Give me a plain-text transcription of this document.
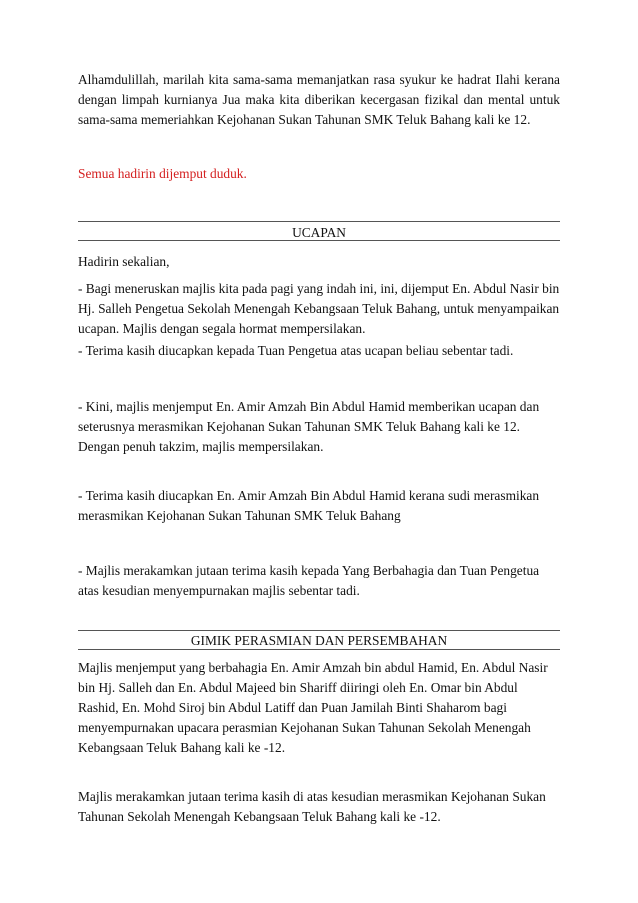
Alhamdulillah, marilah kita sama-sama memanjatkan rasa syukur ke hadrat Ilahi kerana dengan limpah kurnianya Jua maka kita diberikan kecergasan fizikal dan mental untuk sama-sama memeriahkan Kejohanan Sukan Tahunan SMK Teluk Bahang kali ke 12.

Semua hadirin dijemput duduk.

UCAPAN

Hadirin sekalian,

- Bagi meneruskan majlis kita pada pagi yang indah ini, ini, dijemput En. Abdul Nasir bin Hj. Salleh Pengetua Sekolah Menengah Kebangsaan Teluk Bahang, untuk menyampaikan ucapan. Majlis dengan segala hormat mempersilakan.

- Terima kasih diucapkan kepada Tuan Pengetua atas ucapan beliau sebentar tadi.

- Kini, majlis menjemput En. Amir Amzah Bin Abdul Hamid memberikan ucapan dan seterusnya merasmikan Kejohanan Sukan Tahunan SMK Teluk Bahang kali ke 12. Dengan penuh takzim, majlis mempersilakan.

- Terima kasih diucapkan En. Amir Amzah Bin Abdul Hamid kerana sudi merasmikan merasmikan Kejohanan Sukan Tahunan SMK Teluk Bahang

- Majlis merakamkan jutaan terima kasih kepada Yang Berbahagia dan Tuan Pengetua atas kesudian menyempurnakan majlis sebentar tadi.

GIMIK PERASMIAN DAN PERSEMBAHAN

Majlis menjemput yang berbahagia En. Amir Amzah bin abdul Hamid, En. Abdul Nasir bin Hj. Salleh dan En. Abdul Majeed bin Shariff diiringi oleh En. Omar bin Abdul Rashid, En. Mohd Siroj bin Abdul Latiff dan Puan Jamilah Binti Shaharom bagi menyempurnakan upacara perasmian Kejohanan Sukan Tahunan Sekolah Menengah Kebangsaan Teluk Bahang kali ke -12.

Majlis merakamkan jutaan terima kasih di atas kesudian merasmikan Kejohanan Sukan Tahunan Sekolah Menengah Kebangsaan Teluk Bahang kali ke -12.
